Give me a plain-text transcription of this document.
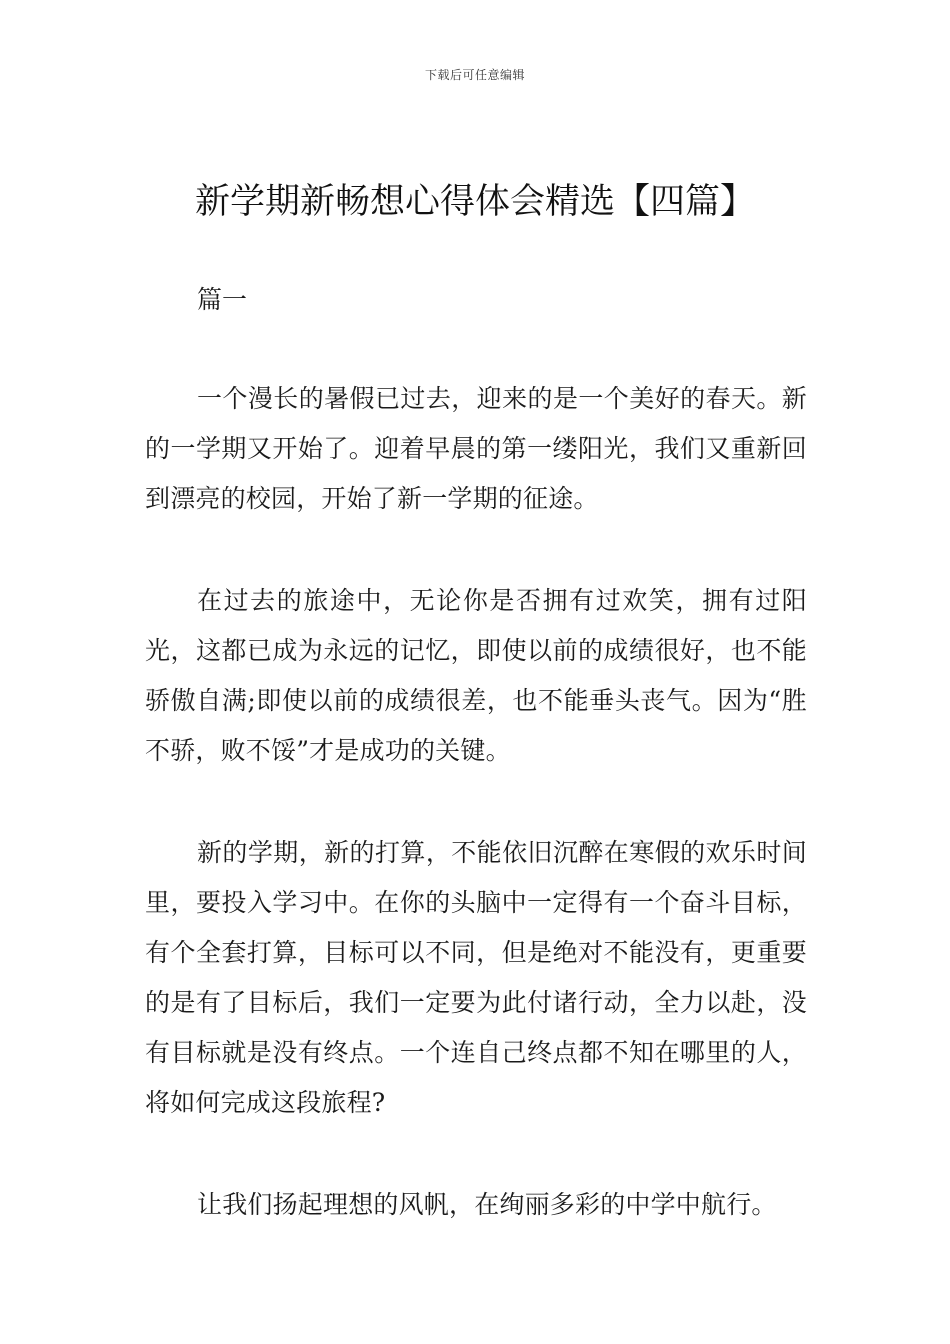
下载后可任意编辑
新学期新畅想心得体会精选【四篇】

篇一

一个漫长的暑假已过去，迎来的是一个美好的春天。新的一学期又开始了。迎着早晨的第一缕阳光，我们又重新回到漂亮的校园，开始了新一学期的征途。

在过去的旅途中，无论你是否拥有过欢笑，拥有过阳光，这都已成为永远的记忆，即使以前的成绩很好，也不能骄傲自满;即使以前的成绩很差，也不能垂头丧气。因为“胜不骄，败不馁”才是成功的关键。

新的学期，新的打算，不能依旧沉醉在寒假的欢乐时间里，要投入学习中。在你的头脑中一定得有一个奋斗目标，有个全套打算，目标可以不同，但是绝对不能没有，更重要的是有了目标后，我们一定要为此付诸行动，全力以赴，没有目标就是没有终点。一个连自己终点都不知在哪里的人，将如何完成这段旅程?

让我们扬起理想的风帆，在绚丽多彩的中学中航行。
